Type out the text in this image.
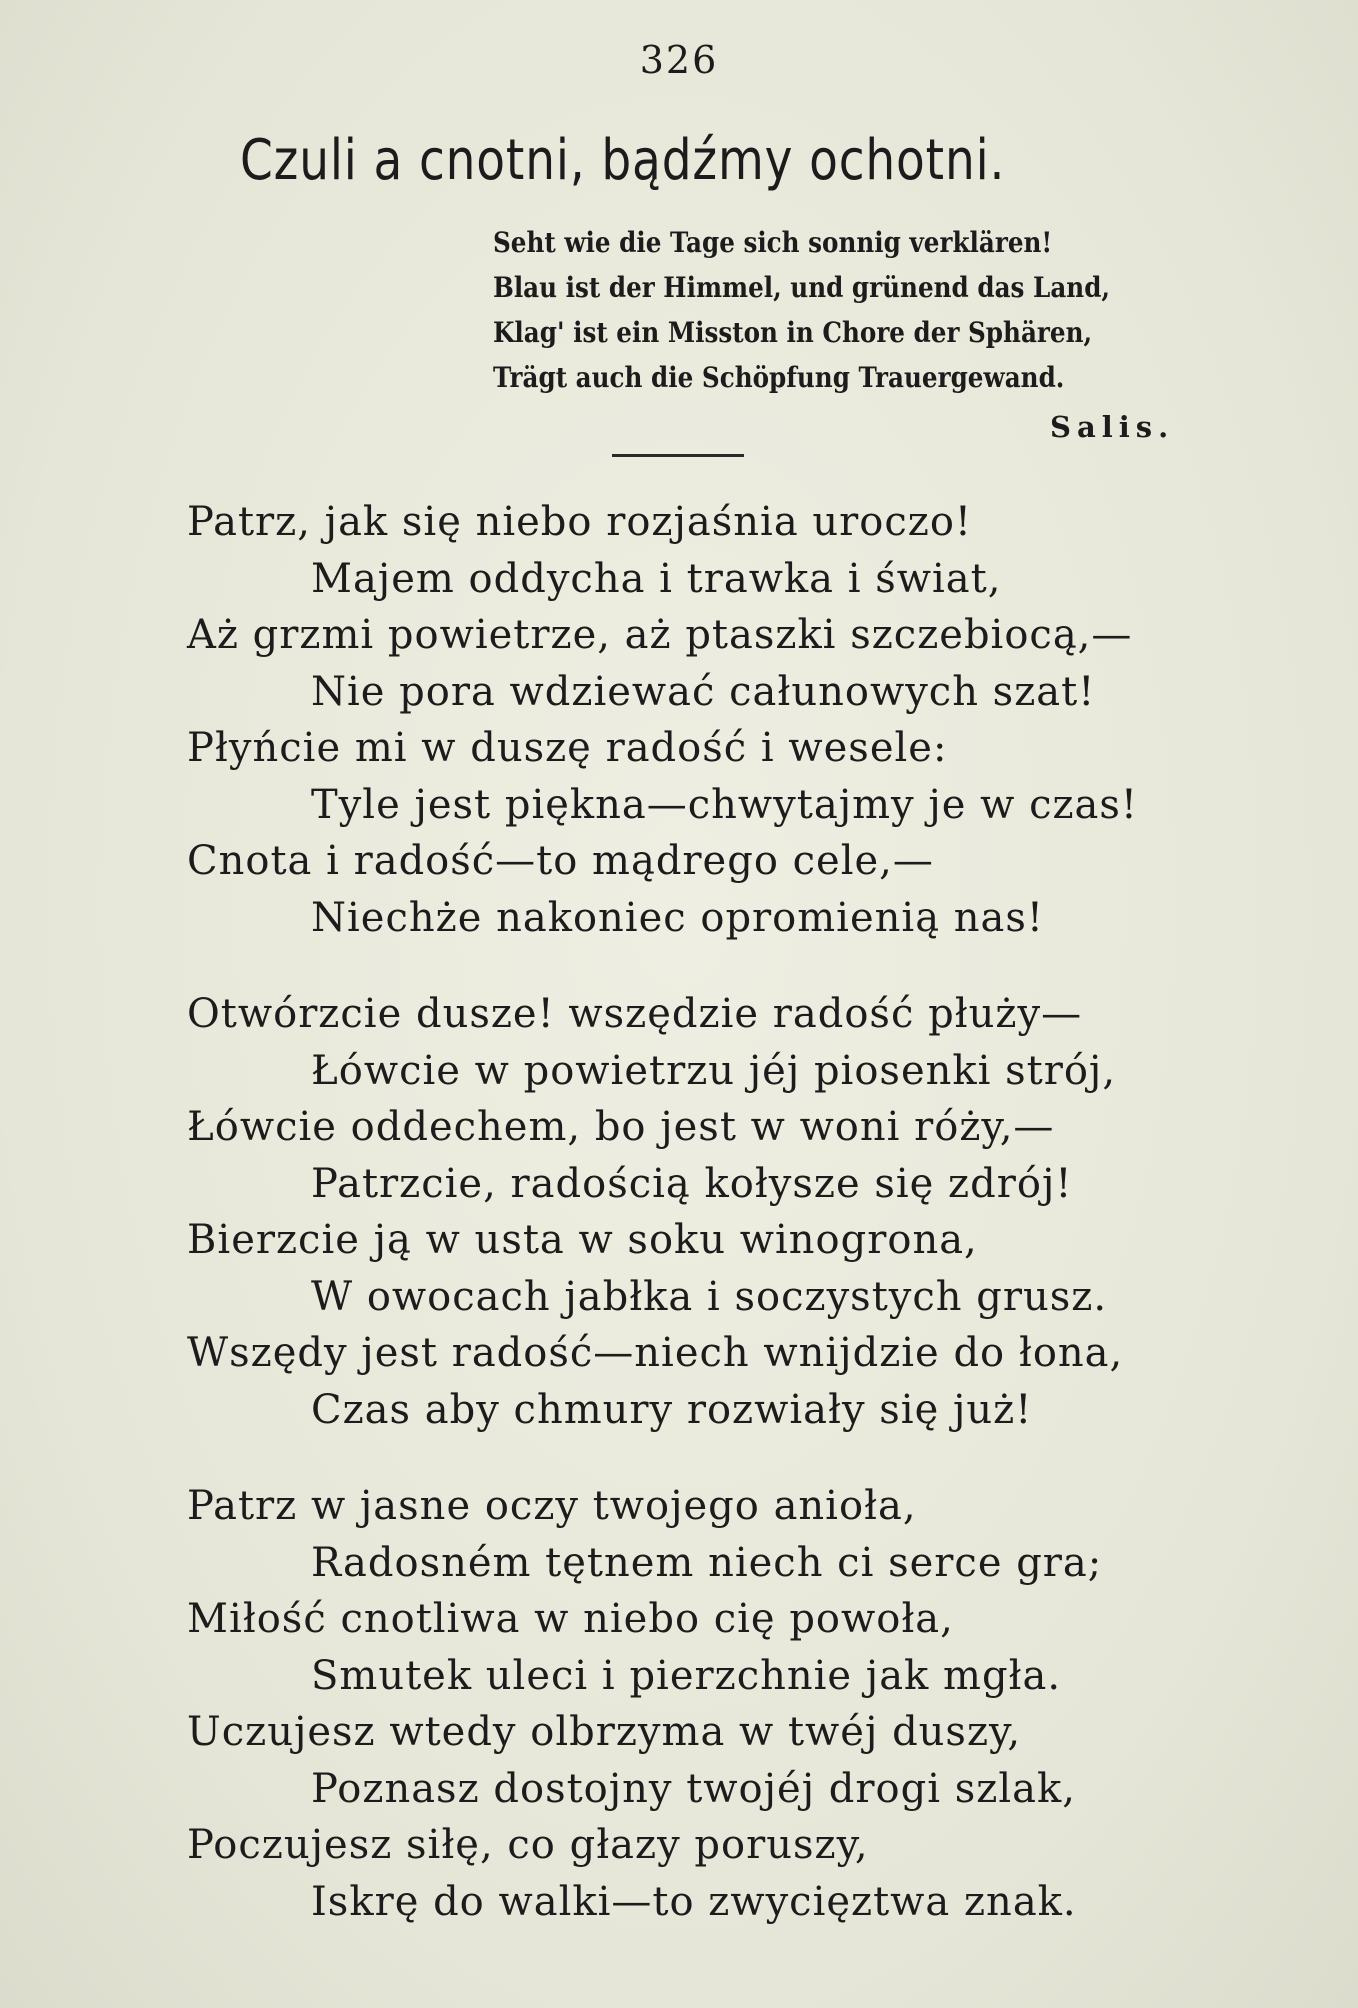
326
Czuli a cnotni, bądźmy ochotni.
Seht wie die Tage sich sonnig verklären!
Blau ist der Himmel, und grünend das Land,
Klag' ist ein Misston in Chore der Sphären,
Trägt auch die Schöpfung Trauergewand.
Salis.
Patrz, jak się niebo rozjaśnia uroczo!
Majem oddycha i trawka i świat,
Aż grzmi powietrze, aż ptaszki szczebiocą,—
Nie pora wdziewać całunowych szat!
Płyńcie mi w duszę radość i wesele:
Tyle jest piękna—chwytajmy je w czas!
Cnota i radość—to mądrego cele,—
Niechże nakoniec opromienią nas!
Otwórzcie dusze! wszędzie radość płuży—
Łówcie w powietrzu jéj piosenki strój,
Łówcie oddechem, bo jest w woni róży,—
Patrzcie, radością kołysze się zdrój!
Bierzcie ją w usta w soku winogrona,
W owocach jabłka i soczystych grusz.
Wszędy jest radość—niech wnijdzie do łona,
Czas aby chmury rozwiały się już!
Patrz w jasne oczy twojego anioła,
Radosném tętnem niech ci serce gra;
Miłość cnotliwa w niebo cię powoła,
Smutek uleci i pierzchnie jak mgła.
Uczujesz wtedy olbrzyma w twéj duszy,
Poznasz dostojny twojéj drogi szlak,
Poczujesz siłę, co głazy poruszy,
Iskrę do walki—to zwycięztwa znak.
